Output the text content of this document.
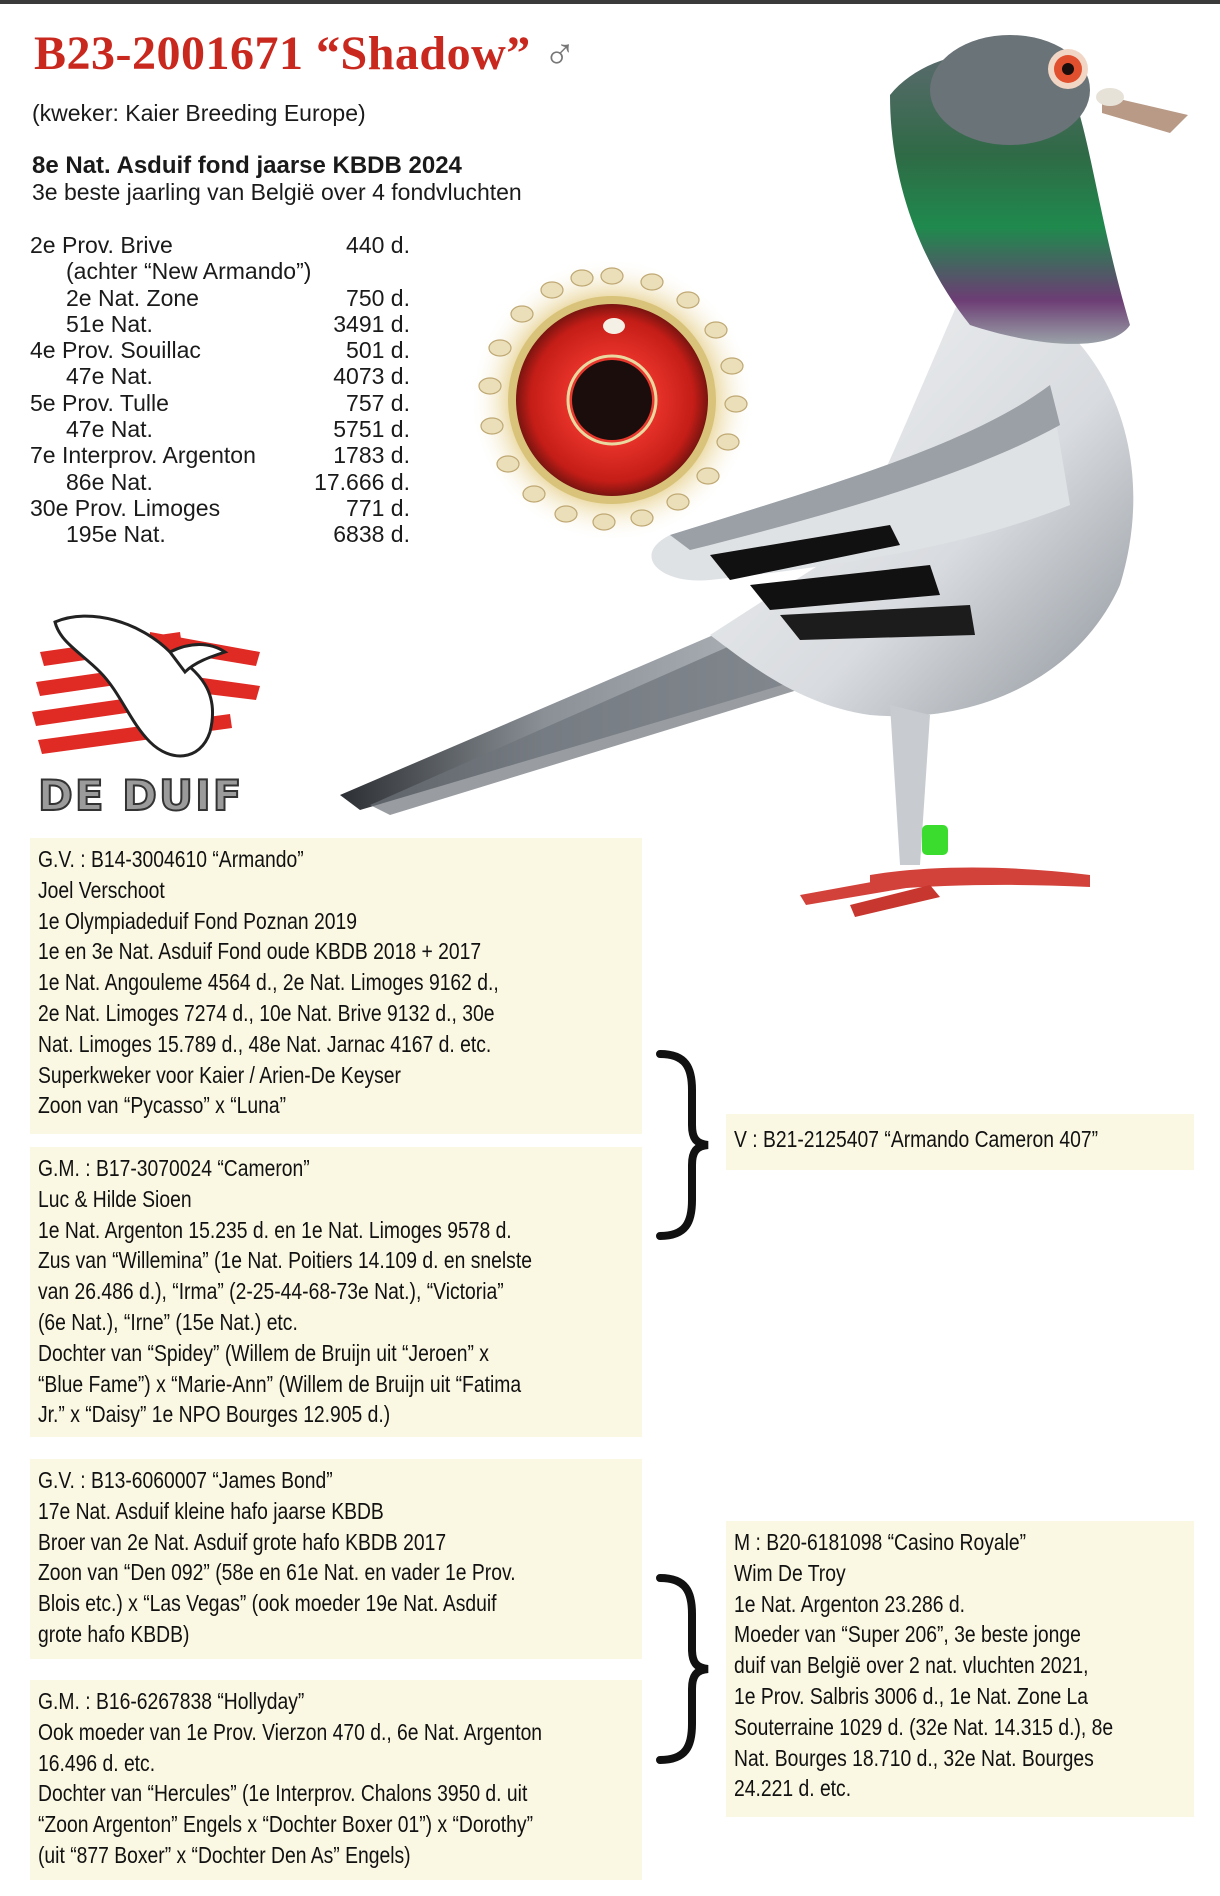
B23-2001671 “Shadow” ♂
(kweker: Kaier Breeding Europe)
8e Nat. Asduif fond jaarse KBDB 2024
3e beste jaarling van België over 4 fondvluchten
2e Prov. Brive	440 d.
(achter “New Armando”)
2e Nat. Zone	750 d.
51e Nat.	3491 d.
4e Prov. Souillac	501 d.
47e Nat.	4073 d.
5e Prov. Tulle	757 d.
47e Nat.	5751 d.
7e Interprov. Argenton	1783 d.
86e Nat.	17.666 d.
30e Prov. Limoges	771 d.
195e Nat.	6838 d.
DE DUIF
G.V. : B14-3004610 “Armando”
Joel Verschoot
1e Olympiadeduif Fond Poznan 2019
1e en 3e Nat. Asduif Fond oude KBDB 2018 + 2017
1e Nat. Angouleme 4564 d., 2e Nat. Limoges 9162 d.,
2e Nat. Limoges 7274 d., 10e Nat. Brive 9132 d., 30e
Nat. Limoges 15.789 d., 48e Nat. Jarnac 4167 d. etc.
Superkweker voor Kaier / Arien-De Keyser
Zoon van “Pycasso” x “Luna”
G.M. : B17-3070024 “Cameron”
Luc & Hilde Sioen
1e Nat. Argenton 15.235 d. en 1e Nat. Limoges 9578 d.
Zus van “Willemina” (1e Nat. Poitiers 14.109 d. en snelste
van 26.486 d.), “Irma” (2-25-44-68-73e Nat.), “Victoria”
(6e Nat.), “Irne” (15e Nat.) etc.
Dochter van “Spidey” (Willem de Bruijn uit “Jeroen” x
“Blue Fame”) x “Marie-Ann” (Willem de Bruijn uit “Fatima
Jr.” x “Daisy” 1e NPO Bourges 12.905 d.)
V : B21-2125407 “Armando Cameron 407”
G.V. : B13-6060007 “James Bond”
17e Nat. Asduif kleine hafo jaarse KBDB
Broer van 2e Nat. Asduif grote hafo KBDB 2017
Zoon van “Den 092” (58e en 61e Nat. en vader 1e Prov.
Blois etc.) x “Las Vegas” (ook moeder 19e Nat. Asduif
grote hafo KBDB)
G.M. : B16-6267838 “Hollyday”
Ook moeder van 1e Prov. Vierzon 470 d., 6e Nat. Argenton
16.496 d. etc.
Dochter van “Hercules” (1e Interprov. Chalons 3950 d. uit
“Zoon Argenton” Engels x “Dochter Boxer 01”) x “Dorothy”
(uit “877 Boxer” x “Dochter Den As” Engels)
M : B20-6181098 “Casino Royale”
Wim De Troy
1e Nat. Argenton 23.286 d.
Moeder van “Super 206”, 3e beste jonge
duif van België over 2 nat. vluchten 2021,
1e Prov. Salbris 3006 d., 1e Nat. Zone La
Souterraine 1029 d. (32e Nat. 14.315 d.), 8e
Nat. Bourges 18.710 d., 32e Nat. Bourges
24.221 d. etc.
